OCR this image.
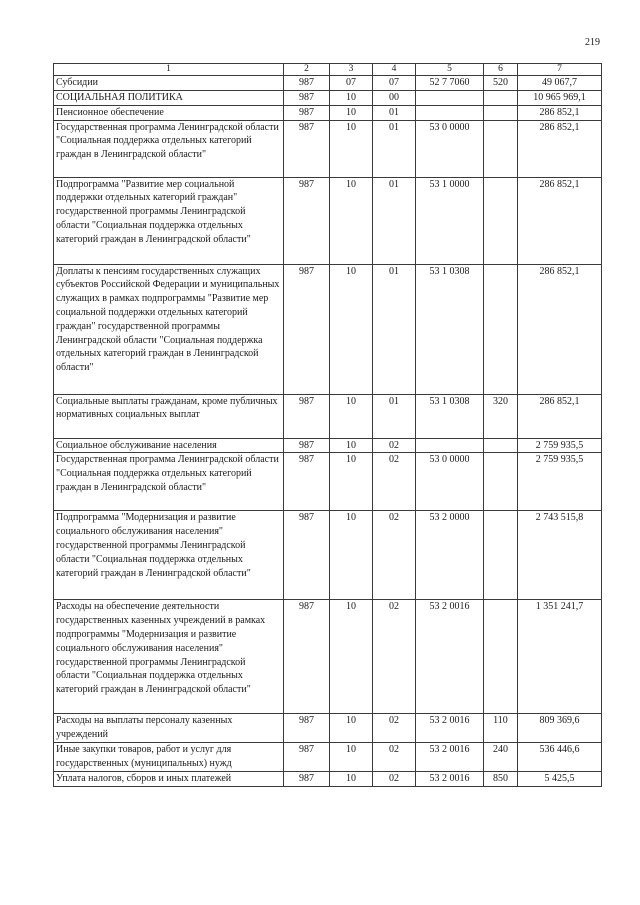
219
1	2	3	4	5	6	7
Субсидии	987	07	07	52 7 7060	520	49 067,7
СОЦИАЛЬНАЯ ПОЛИТИКА	987	10	00			10 965 969,1
Пенсионное обеспечение	987	10	01			286 852,1
Государственная программа Ленинградской области "Социальная поддержка отдельных категорий граждан в Ленинградской области"	987	10	01	53 0 0000		286 852,1
Подпрограмма "Развитие мер социальной поддержки отдельных категорий граждан" государственной программы Ленинградской области "Социальная поддержка отдельных категорий граждан в Ленинградской области"	987	10	01	53 1 0000		286 852,1
Доплаты к пенсиям государственных служащих субъектов Российской Федерации и муниципальных служащих в рамках подпрограммы "Развитие мер социальной поддержки отдельных категорий граждан" государственной программы Ленинградской области "Социальная поддержка отдельных категорий граждан в Ленинградской области"	987	10	01	53 1 0308		286 852,1
Социальные выплаты гражданам, кроме публичных нормативных социальных выплат	987	10	01	53 1 0308	320	286 852,1
Социальное обслуживание населения	987	10	02			2 759 935,5
Государственная программа Ленинградской области "Социальная поддержка отдельных категорий граждан в Ленинградской области"	987	10	02	53 0 0000		2 759 935,5
Подпрограмма "Модернизация и развитие социального обслуживания населения" государственной программы Ленинградской области "Социальная поддержка отдельных категорий граждан в Ленинградской области"	987	10	02	53 2 0000		2 743 515,8
Расходы на обеспечение деятельности государственных казенных учреждений в рамках подпрограммы "Модернизация и развитие социального обслуживания населения" государственной программы Ленинградской области "Социальная поддержка отдельных категорий граждан в Ленинградской области"	987	10	02	53 2 0016		1 351 241,7
Расходы на выплаты персоналу казенных учреждений	987	10	02	53 2 0016	110	809 369,6
Иные закупки товаров, работ и услуг для государственных (муниципальных) нужд	987	10	02	53 2 0016	240	536 446,6
Уплата налогов, сборов и иных платежей	987	10	02	53 2 0016	850	5 425,5
